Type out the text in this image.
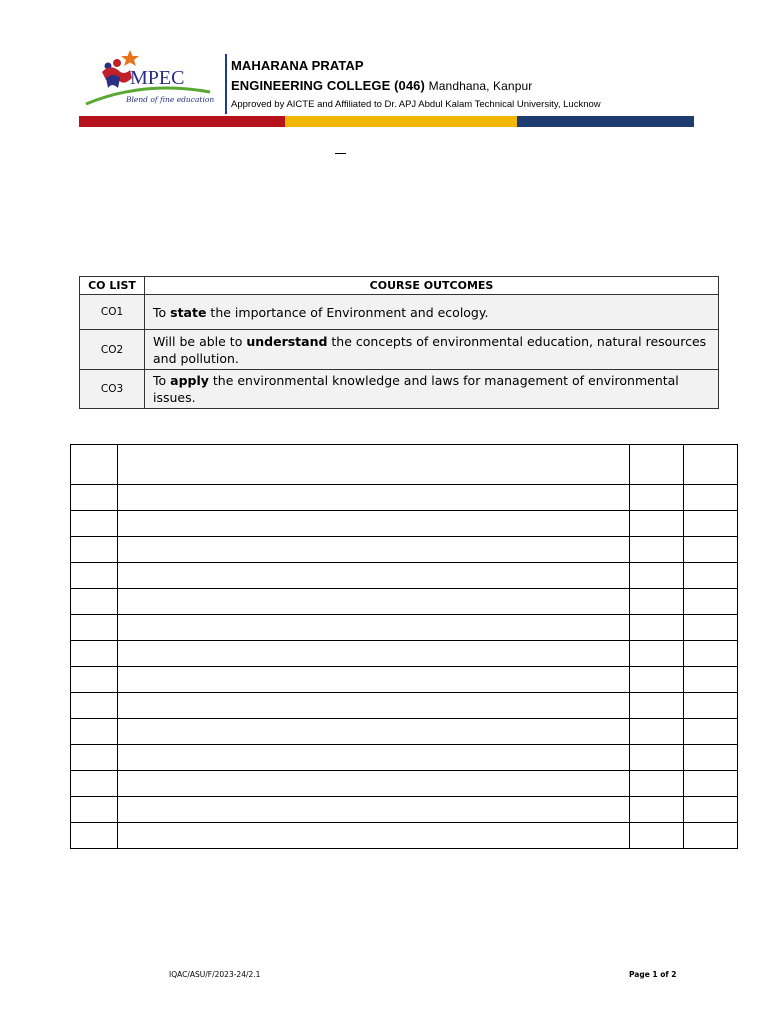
MPEC
Blend of fine education
MAHARANA PRATAP
ENGINEERING COLLEGE (046) Mandhana, Kanpur
Approved by AICTE and Affiliated to Dr. APJ Abdul Kalam Technical University, Lucknow
CO LIST	COURSE OUTCOMES
CO1	To state the importance of Environment and ecology.
CO2	Will be able to understand the concepts of environmental education, natural resources and pollution.
CO3	To apply the environmental knowledge and laws for management of environmental issues.

IQAC/ASU/F/2023-24/2.1	Page 1 of 2
